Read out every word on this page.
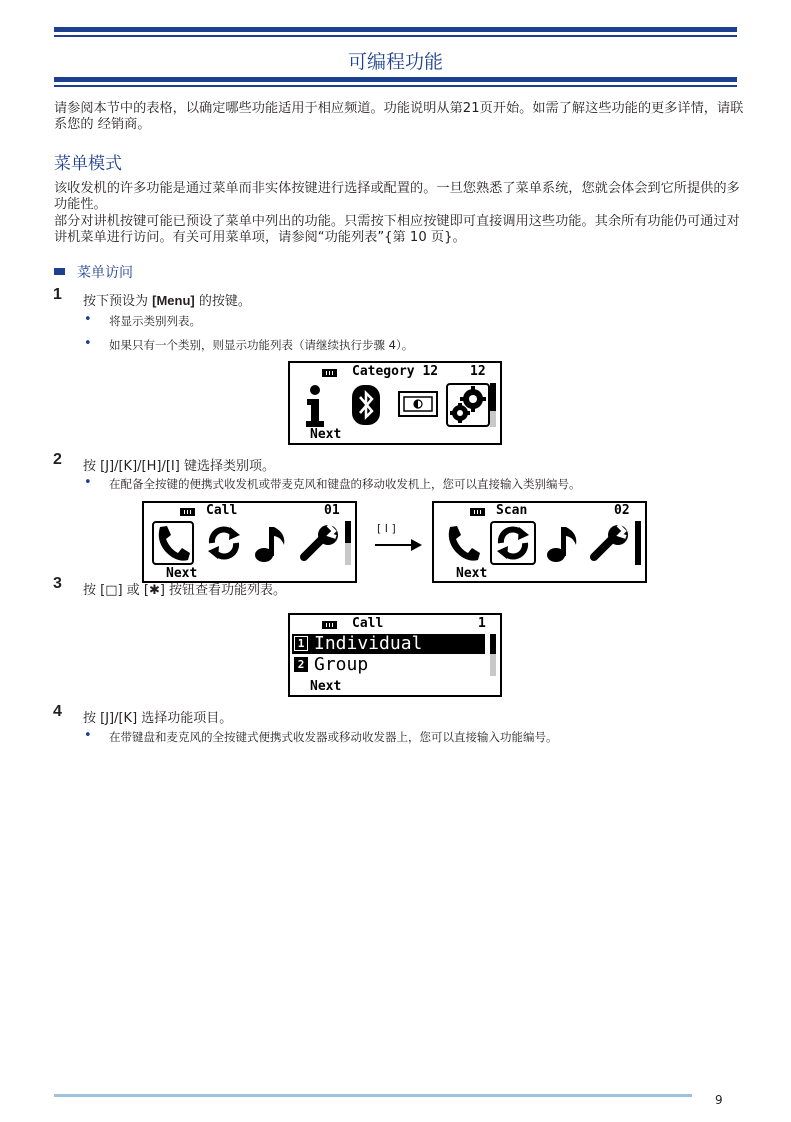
可编程功能

请参阅本节中的表格，以确定哪些功能适用于相应频道。功能说明从第21页开始。如需了解这些功能的更多详情，请联系您的 经销商。

菜单模式

该收发机的许多功能是通过菜单而非实体按键进行选择或配置的。一旦您熟悉了菜单系统，您就会体会到它所提供的多功能性。

部分对讲机按键可能已预设了菜单中列出的功能。只需按下相应按键即可直接调用这些功能。其余所有功能仍可通过对讲机菜单进行访问。有关可用菜单项，请参阅“功能列表”{第 10 页}。

菜单访问
1 按下预设为 [Menu] 的按键。
• 将显示类别列表。
• 如果只有一个类别，则显示功能列表（请继续执行步骤 4）。
Category 12 12
Next
2 按 [J]/[K]/[H]/[I] 键选择类别项。
• 在配备全按键的便携式收发机或带麦克风和键盘的移动收发机上，您可以直接输入类别编号。
Call	01
Next
[ I ]
Scan	02
Next
3 按 [□] 或 [✱] 按钮查看功能列表。
Call	1
1 Individual
2 Group
Next
4 按 [J]/[K] 选择功能项目。
• 在带键盘和麦克风的全按键式便携式收发器或移动收发器上，您可以直接输入功能编号。
9
